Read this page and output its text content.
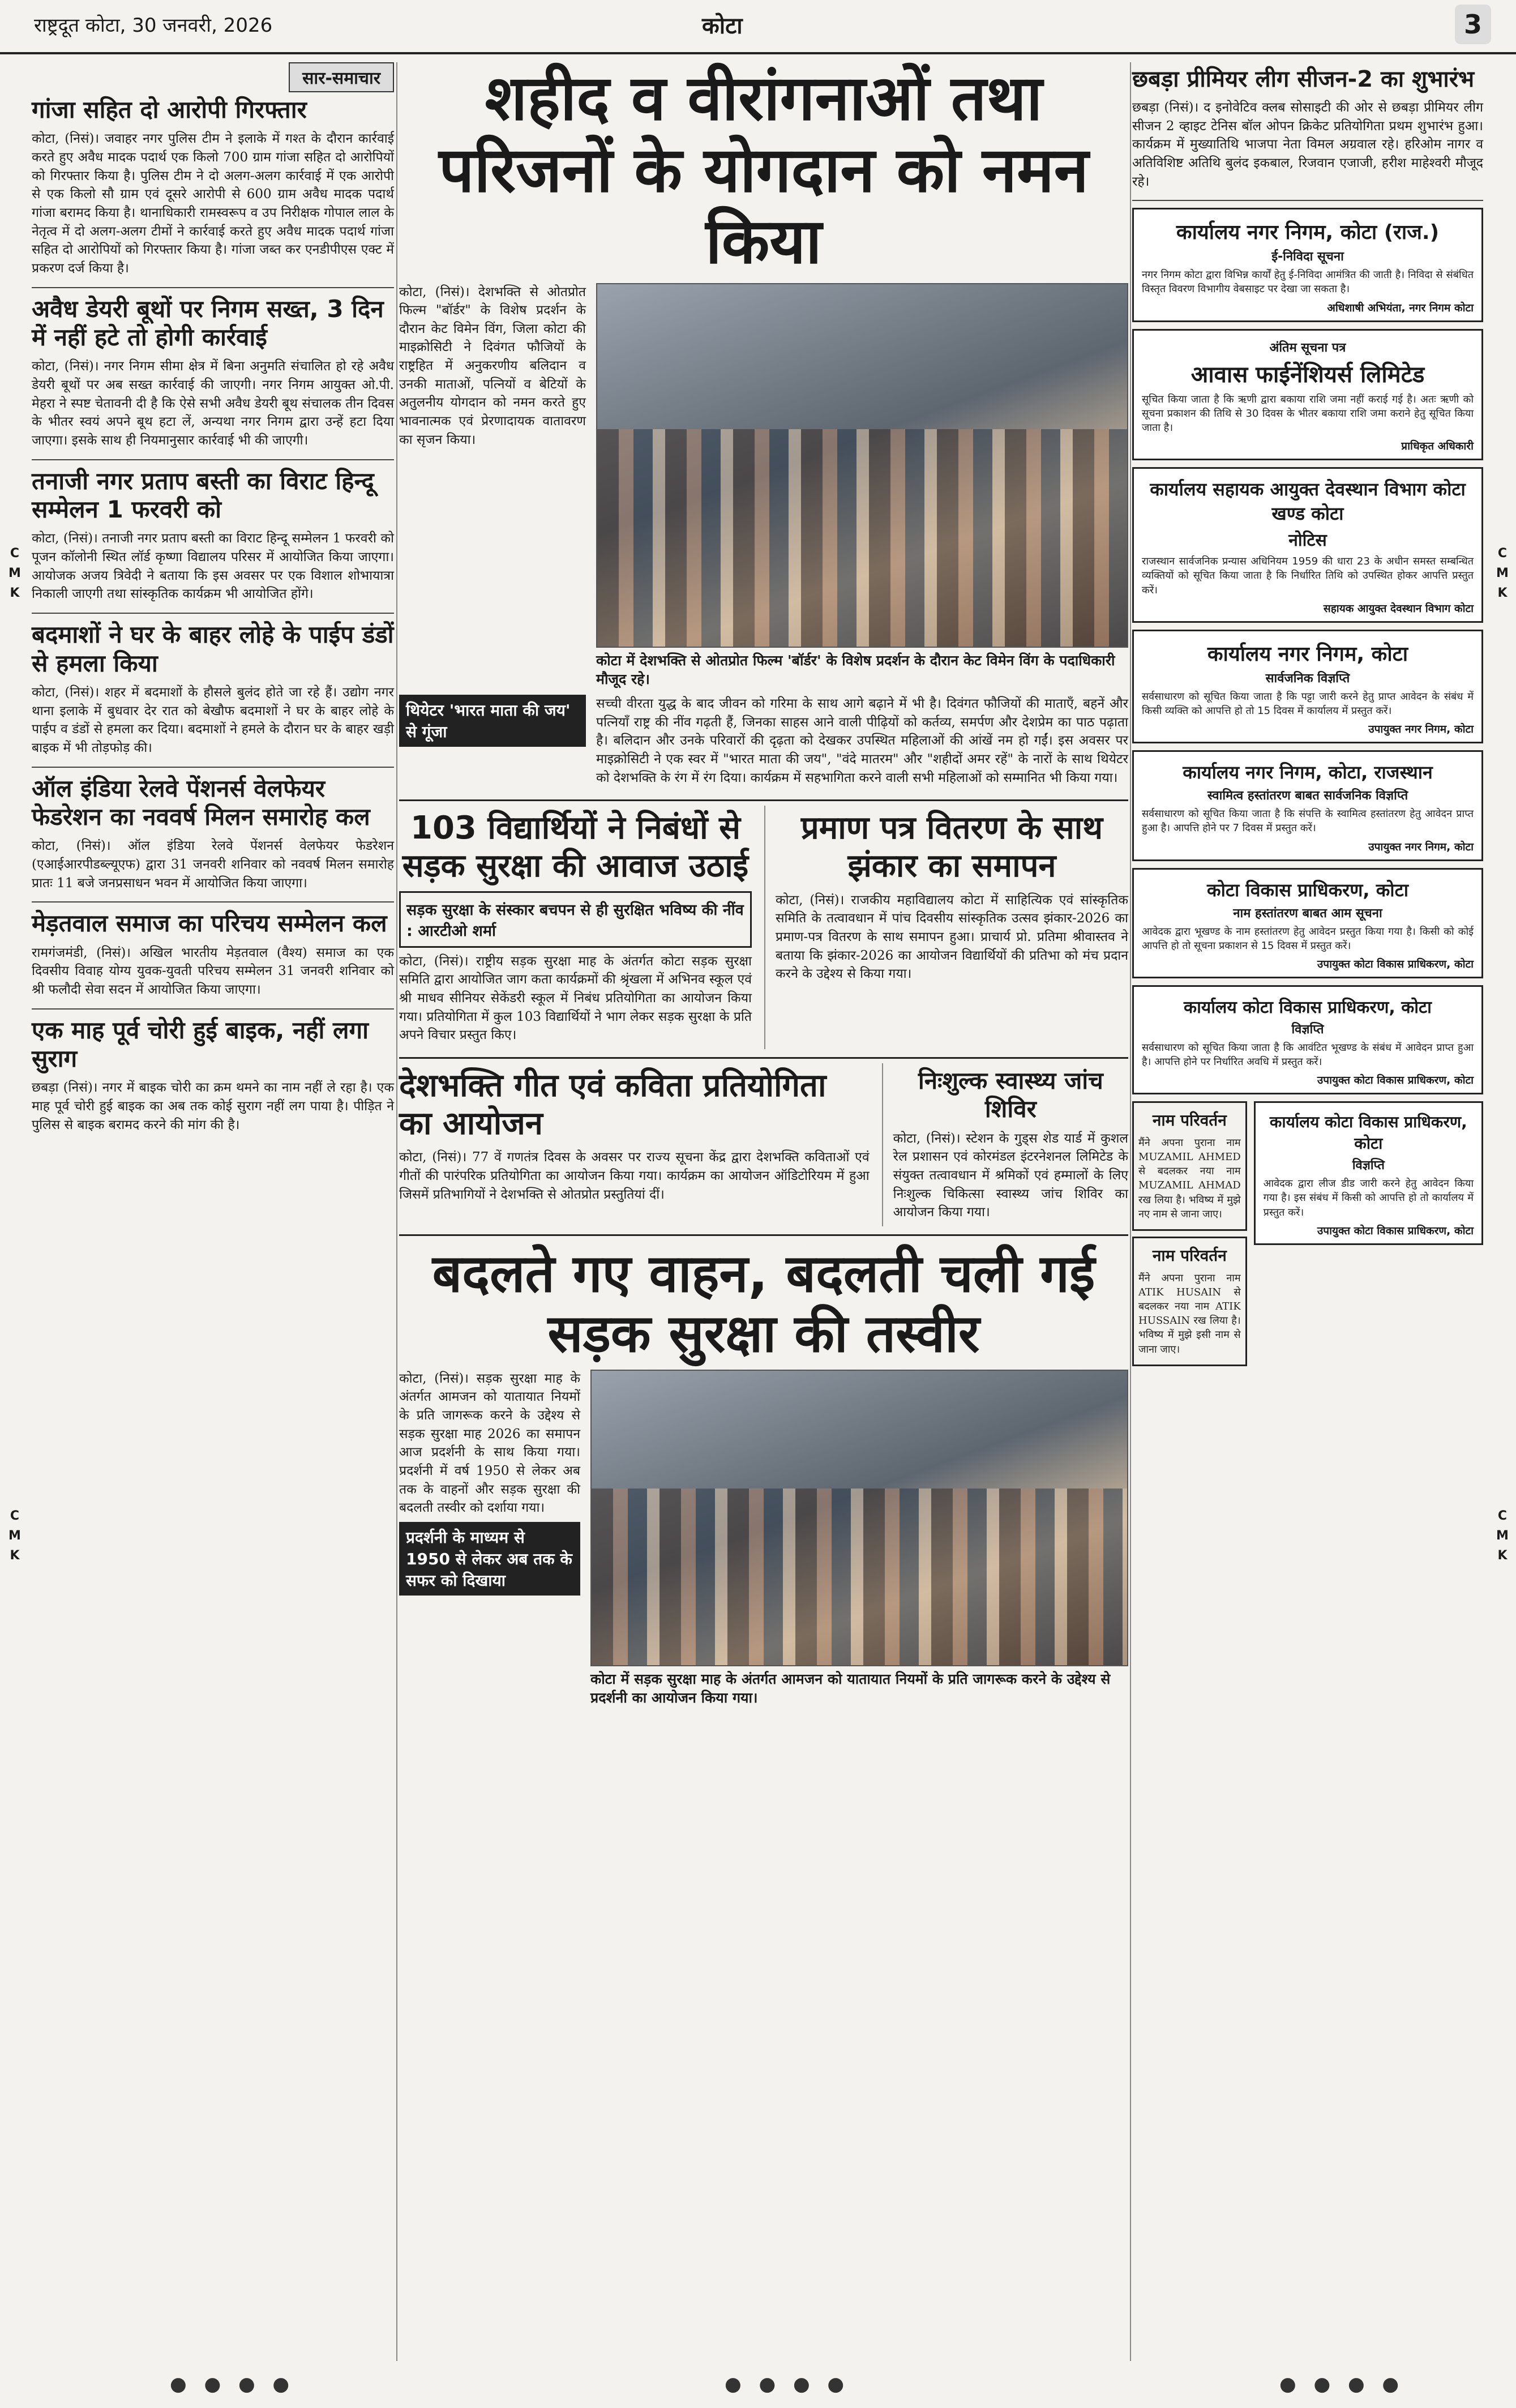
राष्ट्रदूत कोटा, 30 जनवरी, 2026	कोटा	3
C
M
K
C
M
K
C
M
K
C
M
K
सार-समाचार
गांजा सहित दो आरोपी गिरफ्तार

कोटा, (निसं)। जवाहर नगर पुलिस टीम ने इलाके में गश्त के दौरान कार्रवाई करते हुए अवैध मादक पदार्थ एक किलो 700 ग्राम गांजा सहित दो आरोपियों को गिरफ्तार किया है। पुलिस टीम ने दो अलग-अलग कार्रवाई में एक आरोपी से एक किलो सौ ग्राम एवं दूसरे आरोपी से 600 ग्राम अवैध मादक पदार्थ गांजा बरामद किया है। थानाधिकारी रामस्वरूप व उप निरीक्षक गोपाल लाल के नेतृत्व में दो अलग-अलग टीमों ने कार्रवाई करते हुए अवैध मादक पदार्थ गांजा सहित दो आरोपियों को गिरफ्तार किया है। गांजा जब्त कर एनडीपीएस एक्ट में प्रकरण दर्ज किया है।

अवैध डेयरी बूथों पर निगम सख्त, 3 दिन में नहीं हटे तो होगी कार्रवाई

कोटा, (निसं)। नगर निगम सीमा क्षेत्र में बिना अनुमति संचालित हो रहे अवैध डेयरी बूथों पर अब सख्त कार्रवाई की जाएगी। नगर निगम आयुक्त ओ.पी. मेहरा ने स्पष्ट चेतावनी दी है कि ऐसे सभी अवैध डेयरी बूथ संचालक तीन दिवस के भीतर स्वयं अपने बूथ हटा लें, अन्यथा नगर निगम द्वारा उन्हें हटा दिया जाएगा। इसके साथ ही नियमानुसार कार्रवाई भी की जाएगी।

तनाजी नगर प्रताप बस्ती का विराट हिन्दू सम्मेलन 1 फरवरी को

कोटा, (निसं)। तनाजी नगर प्रताप बस्ती का विराट हिन्दू सम्मेलन 1 फरवरी को पूजन कॉलोनी स्थित लॉर्ड कृष्णा विद्यालय परिसर में आयोजित किया जाएगा। आयोजक अजय त्रिवेदी ने बताया कि इस अवसर पर एक विशाल शोभायात्रा निकाली जाएगी तथा सांस्कृतिक कार्यक्रम भी आयोजित होंगे।

बदमाशों ने घर के बाहर लोहे के पाईप डंडों से हमला किया

कोटा, (निसं)। शहर में बदमाशों के हौसले बुलंद होते जा रहे हैं। उद्योग नगर थाना इलाके में बुधवार देर रात को बेखौफ बदमाशों ने घर के बाहर लोहे के पाईप व डंडों से हमला कर दिया। बदमाशों ने हमले के दौरान घर के बाहर खड़ी बाइक में भी तोड़फोड़ की।

ऑल इंडिया रेलवे पेंशनर्स वेलफेयर फेडरेशन का नववर्ष मिलन समारोह कल

कोटा, (निसं)। ऑल इंडिया रेलवे पेंशनर्स वेलफेयर फेडरेशन (एआईआरपीडब्ल्यूएफ) द्वारा 31 जनवरी शनिवार को नववर्ष मिलन समारोह प्रातः 11 बजे जनप्रसाधन भवन में आयोजित किया जाएगा।

मेड़तवाल समाज का परिचय सम्मेलन कल

रामगंजमंडी, (निसं)। अखिल भारतीय मेड़तवाल (वैश्य) समाज का एक दिवसीय विवाह योग्य युवक-युवती परिचय सम्मेलन 31 जनवरी शनिवार को श्री फलौदी सेवा सदन में आयोजित किया जाएगा।

एक माह पूर्व चोरी हुई बाइक, नहीं लगा सुराग

छबड़ा (निसं)। नगर में बाइक चोरी का क्रम थमने का नाम नहीं ले रहा है। एक माह पूर्व चोरी हुई बाइक का अब तक कोई सुराग नहीं लग पाया है। पीड़ित ने पुलिस से बाइक बरामद करने की मांग की है।

शहीद व वीरांगनाओं तथा परिजनों के योगदान को नमन किया

कोटा, (निसं)। देशभक्ति से ओतप्रोत फिल्म "बॉर्डर" के विशेष प्रदर्शन के दौरान केट विमेन विंग, जिला कोटा की माइक्रोसिटी ने दिवंगत फौजियों के राष्ट्रहित में अनुकरणीय बलिदान व उनकी माताओं, पत्नियों व बेटियों के अतुलनीय योगदान को नमन करते हुए भावनात्मक एवं प्रेरणादायक वातावरण का सृजन किया।

कोटा में देशभक्ति से ओतप्रोत फिल्म 'बॉर्डर' के विशेष प्रदर्शन के दौरान केट विमेन विंग के पदाधिकारी मौजूद रहे।
थियेटर 'भारत माता की जय' से गूंजा

सच्ची वीरता युद्ध के बाद जीवन को गरिमा के साथ आगे बढ़ाने में भी है। दिवंगत फौजियों की माताएँ, बहनें और पत्नियाँ राष्ट्र की नींव गढ़ती हैं, जिनका साहस आने वाली पीढ़ियों को कर्तव्य, समर्पण और देशप्रेम का पाठ पढ़ाता है। बलिदान और उनके परिवारों की दृढ़ता को देखकर उपस्थित महिलाओं की आंखें नम हो गईं। इस अवसर पर माइक्रोसिटी ने एक स्वर में "भारत माता की जय", "वंदे मातरम" और "शहीदों अमर रहें" के नारों के साथ थियेटर को देशभक्ति के रंग में रंग दिया। कार्यक्रम में सहभागिता करने वाली सभी महिलाओं को सम्मानित भी किया गया।

103 विद्यार्थियों ने निबंधों से सड़क सुरक्षा की आवाज उठाई
सड़क सुरक्षा के संस्कार बचपन से ही सुरक्षित भविष्य की नींव : आरटीओ शर्मा

कोटा, (निसं)। राष्ट्रीय सड़क सुरक्षा माह के अंतर्गत कोटा सड़क सुरक्षा समिति द्वारा आयोजित जाग कता कार्यक्रमों की श्रृंखला में अभिनव स्कूल एवं श्री माधव सीनियर सेकेंडरी स्कूल में निबंध प्रतियोगिता का आयोजन किया गया। प्रतियोगिता में कुल 103 विद्यार्थियों ने भाग लेकर सड़क सुरक्षा के प्रति अपने विचार प्रस्तुत किए।

प्रमाण पत्र वितरण के साथ झंकार का समापन

कोटा, (निसं)। राजकीय महाविद्यालय कोटा में साहित्यिक एवं सांस्कृतिक समिति के तत्वावधान में पांच दिवसीय सांस्कृतिक उत्सव झंकार-2026 का प्रमाण-पत्र वितरण के साथ समापन हुआ। प्राचार्य प्रो. प्रतिमा श्रीवास्तव ने बताया कि झंकार-2026 का आयोजन विद्यार्थियों की प्रतिभा को मंच प्रदान करने के उद्देश्य से किया गया।

देशभक्ति गीत एवं कविता प्रतियोगिता का आयोजन

कोटा, (निसं)। 77 वें गणतंत्र दिवस के अवसर पर राज्य सूचना केंद्र द्वारा देशभक्ति कविताओं एवं गीतों की पारंपरिक प्रतियोगिता का आयोजन किया गया। कार्यक्रम का आयोजन ऑडिटोरियम में हुआ जिसमें प्रतिभागियों ने देशभक्ति से ओतप्रोत प्रस्तुतियां दीं।

निःशुल्क स्वास्थ्य जांच शिविर

कोटा, (निसं)। स्टेशन के गुड्स शेड यार्ड में कुशल रेल प्रशासन एवं कोरमंडल इंटरनेशनल लिमिटेड के संयुक्त तत्वावधान में श्रमिकों एवं हम्मालों के लिए निःशुल्क चिकित्सा स्वास्थ्य जांच शिविर का आयोजन किया गया।

बदलते गए वाहन, बदलती चली गई सड़क सुरक्षा की तस्वीर

कोटा, (निसं)। सड़क सुरक्षा माह के अंतर्गत आमजन को यातायात नियमों के प्रति जागरूक करने के उद्देश्य से सड़क सुरक्षा माह 2026 का समापन आज प्रदर्शनी के साथ किया गया। प्रदर्शनी में वर्ष 1950 से लेकर अब तक के वाहनों और सड़क सुरक्षा की बदलती तस्वीर को दर्शाया गया।

प्रदर्शनी के माध्यम से 1950 से लेकर अब तक के सफर को दिखाया
कोटा में सड़क सुरक्षा माह के अंतर्गत आमजन को यातायात नियमों के प्रति जागरूक करने के उद्देश्य से प्रदर्शनी का आयोजन किया गया।
छबड़ा प्रीमियर लीग सीजन-2 का शुभारंभ

छबड़ा (निसं)। द इनोवेटिव क्लब सोसाइटी की ओर से छबड़ा प्रीमियर लीग सीजन 2 व्हाइट टेनिस बॉल ओपन क्रिकेट प्रतियोगिता प्रथम शुभारंभ हुआ। कार्यक्रम में मुख्यातिथि भाजपा नेता विमल अग्रवाल रहे। हरिओम नागर व अतिविशिष्ट अतिथि बुलंद इकबाल, रिजवान एजाजी, हरीश माहेश्वरी मौजूद रहे।

कार्यालय नगर निगम, कोटा (राज.)
ई-निविदा सूचना

नगर निगम कोटा द्वारा विभिन्न कार्यों हेतु ई-निविदा आमंत्रित की जाती है। निविदा से संबंधित विस्तृत विवरण विभागीय वेबसाइट पर देखा जा सकता है।

अधिशाषी अभियंता, नगर निगम कोटा
अंतिम सूचना पत्र
आवास फाईनेंशियर्स लिमिटेड

सूचित किया जाता है कि ऋणी द्वारा बकाया राशि जमा नहीं कराई गई है। अतः ऋणी को सूचना प्रकाशन की तिथि से 30 दिवस के भीतर बकाया राशि जमा कराने हेतु सूचित किया जाता है।

प्राधिकृत अधिकारी
कार्यालय सहायक आयुक्त देवस्थान विभाग कोटा खण्ड कोटा
नोटिस

राजस्थान सार्वजनिक प्रन्यास अधिनियम 1959 की धारा 23 के अधीन समस्त सम्बन्धित व्यक्तियों को सूचित किया जाता है कि निर्धारित तिथि को उपस्थित होकर आपत्ति प्रस्तुत करें।

सहायक आयुक्त देवस्थान विभाग कोटा
कार्यालय नगर निगम, कोटा
सार्वजनिक विज्ञप्ति

सर्वसाधारण को सूचित किया जाता है कि पट्टा जारी करने हेतु प्राप्त आवेदन के संबंध में किसी व्यक्ति को आपत्ति हो तो 15 दिवस में कार्यालय में प्रस्तुत करें।

उपायुक्त नगर निगम, कोटा
कार्यालय नगर निगम, कोटा, राजस्थान
स्वामित्व हस्तांतरण बाबत सार्वजनिक विज्ञप्ति

सर्वसाधारण को सूचित किया जाता है कि संपत्ति के स्वामित्व हस्तांतरण हेतु आवेदन प्राप्त हुआ है। आपत्ति होने पर 7 दिवस में प्रस्तुत करें।

उपायुक्त नगर निगम, कोटा
कोटा विकास प्राधिकरण, कोटा
नाम हस्तांतरण बाबत आम सूचना

आवेदक द्वारा भूखण्ड के नाम हस्तांतरण हेतु आवेदन प्रस्तुत किया गया है। किसी को कोई आपत्ति हो तो सूचना प्रकाशन से 15 दिवस में प्रस्तुत करें।

उपायुक्त कोटा विकास प्राधिकरण, कोटा
कार्यालय कोटा विकास प्राधिकरण, कोटा
विज्ञप्ति

सर्वसाधारण को सूचित किया जाता है कि आवंटित भूखण्ड के संबंध में आवेदन प्राप्त हुआ है। आपत्ति होने पर निर्धारित अवधि में प्रस्तुत करें।

उपायुक्त कोटा विकास प्राधिकरण, कोटा
नाम परिवर्तन

मैंने अपना पुराना नाम MUZAMIL AHMED से बदलकर नया नाम MUZAMIL AHMAD रख लिया है। भविष्य में मुझे नए नाम से जाना जाए।

नाम परिवर्तन

मैंने अपना पुराना नाम ATIK HUSAIN से बदलकर नया नाम ATIK HUSSAIN रख लिया है। भविष्य में मुझे इसी नाम से जाना जाए।

कार्यालय कोटा विकास प्राधिकरण, कोटा
विज्ञप्ति

आवेदक द्वारा लीज डीड जारी करने हेतु आवेदन किया गया है। इस संबंध में किसी को आपत्ति हो तो कार्यालय में प्रस्तुत करें।

उपायुक्त कोटा विकास प्राधिकरण, कोटा
● ● ● ●	● ● ● ●	● ● ● ●
